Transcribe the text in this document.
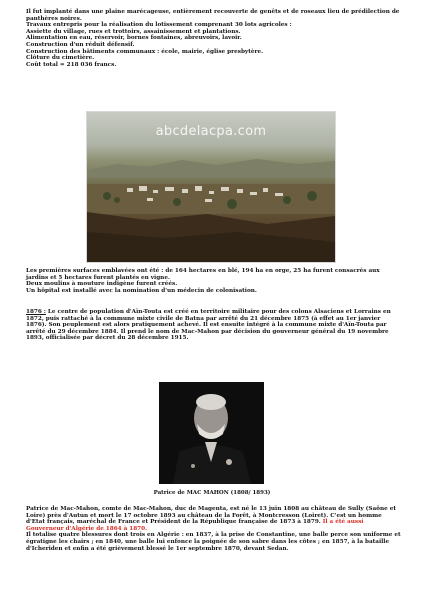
Il fut implanté dans une plaine marécageuse, entièrement recouverte de genêts et de roseaux lieu de prédilection de panthères noires.

Travaux entrepris pour la réalisation du lotissement comprenant 30 lots agricoles :

Assiette du village, rues et trottoirs, assainissement et plantations.

Alimentation en eau, réservoir, bornes fontaines, abreuvoirs, lavoir.

Construction d'un réduit défensif.

Construction des bâtiments communaux : école, mairie, église presbytère.

Clôture du cimetière.

Coût total = 218 036 francs.

abcdelacpa.com

Les premières surfaces emblavées ont été : de 164 hectares en blé, 194 ha en orge, 25 ha furent consacrés aux jardins et 5 hectares furent plantés en vigne.

Deux moulins à mouture indigène furent créés.

Un hôpital est installé avec la nomination d'un médecin de colonisation.

1876 : Le centre de population d'Aïn-Touta est créé en territoire militaire pour des colons Alsaciens et Lorrains en 1872, puis rattaché à la commune mixte civile de Batna par arrêté du 21 décembre 1875 (à effet au 1er janvier 1876). Son peuplement est alors pratiquement achevé. Il est ensuite intégré à la commune mixte d'Aïn-Touta par arrêté du 29 décembre 1884. Il prend le nom de Mac-Mahon par décision du gouverneur général du 19 novembre 1893, officialisée par décret du 28 décembre 1915.

Patrice de MAC MAHON (1808/ 1893)

Patrice de Mac-Mahon, comte de Mac-Mahon, duc de Magenta, est né le 13 juin 1808 au château de Sully (Saône et Loire) près d'Autun et mort le 17 octobre 1893 au château de la Forêt, à Montcresson (Loiret). C'est un homme d'Etat français, maréchal de France et Président de la République française de 1873 à 1879. Il a été aussi Gouverneur d'Algérie de 1864 à 1870.

Il totalise quatre blessures dont trois en Algérie : en 1837, à la prise de Constantine, une balle perce son uniforme et égratigne les chairs ; en 1840, une balle lui enfonce la poignée de son sabre dans les côtes ; en 1857, à la bataille d'Icheriden et enfin a été grièvement blessé le 1er septembre 1870, devant Sedan.
